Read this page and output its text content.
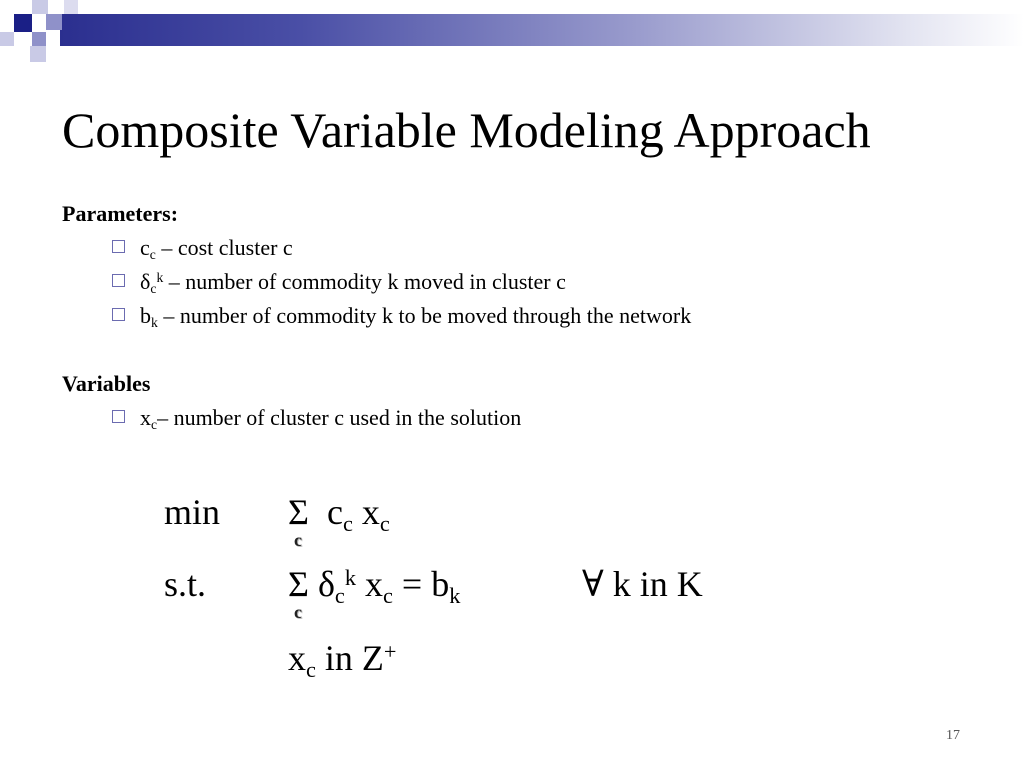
Composite Variable Modeling Approach
Parameters:
$c_c$ – cost cluster c
$\delta_c^k$ – number of commodity k moved in cluster c
$b_k$ – number of commodity k to be moved through the network
Variables
$x_c-$ number of cluster c used in the solution
min Σ $c_c$ $x_c$
c
s.t. Σ $\delta_c^k$ $x_c = b_k$
c
∀ k in K
$x_c$ in Z+
17
